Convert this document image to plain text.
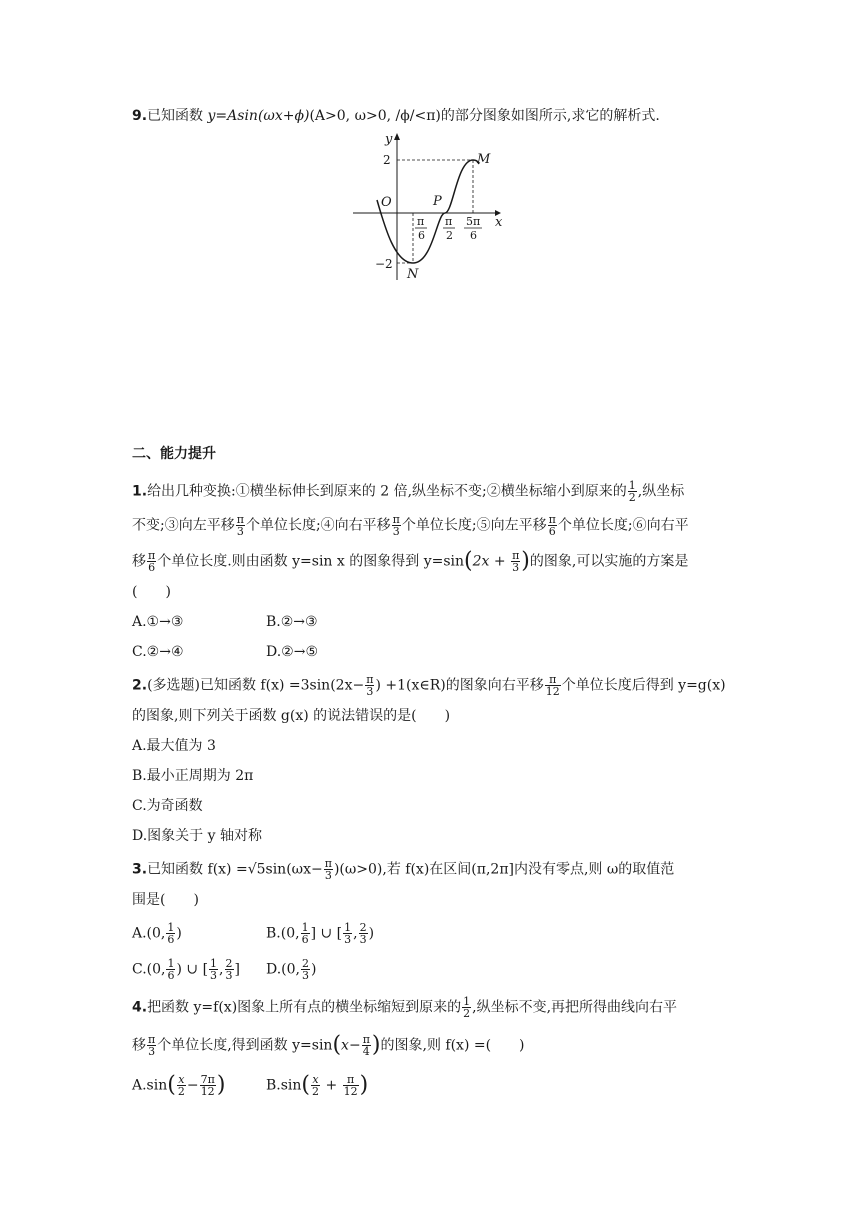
9.已知函数 y=Asin(ωx+ϕ)(A>0, ω>0, /ϕ/<π)的部分图象如图所示,求它的解析式.
y
x
O
2
−2
M
N
P
π
6
π
2
5π
6
二、能力提升
1.给出几种变换:①横坐标伸长到原来的 2 倍,纵坐标不变;②横坐标缩小到原来的 $\frac{1}{2}$ ,纵坐标
不变;③向左平移 $\frac{\pi}{3}$ 个单位长度;④向右平移 $\frac{\pi}{3}$ 个单位长度;⑤向左平移 $\frac{\pi}{6}$ 个单位长度;⑥向右平
移 $\frac{\pi}{6}$ 个单位长度.则由函数 y=sin x 的图象得到 $y=\sin(2x + \frac{\pi}{3}$ )的图象,可以实施的方案是
(　　)
A.①→③	B.②→③
C.②→④	D.②→⑤
2.(多选题)已知函数 $f(x) =3\sin(2x- \frac{\pi}{3}$ ) +1(x∈R)的图象向右平移 $\frac{\pi}{12}$ 个单位长度后得到 y=g(x)
的图象,则下列关于函数 g(x) 的说法错误的是(　　)
A.最大值为 3
B.最小正周期为 2π
C.为奇函数
D.图象关于 y 轴对称
3.已知函数 $f(x) =√5\sin(\omega x- \frac{\pi}{3} )(\omega>0)$,若 f(x)在区间(π,2π]内没有零点,则 ω的取值范
围是(　　)
A.(0, $\frac{1}{6}$ )	B.(0, $\frac{1}{6}$ ] ∪ [ $\frac{1}{3}$ , $\frac{2}{3}$ )
C.(0, $\frac{1}{6}$ ) ∪ [ $\frac{1}{3}$ , $\frac{2}{3}$ ] D.(0, $\frac{2}{3}$ )
4.把函数 y=f(x)图象上所有点的横坐标缩短到原来的 $\frac{1}{2}$ ,纵坐标不变,再把所得曲线向右平
移 $\frac{\pi}{3}$ 个单位长度,得到函数 $y=\sin(x- \frac{\pi}{4}$ )的图象,则 f(x) =(　　)
$A.\sin( \frac{x}{2} - \frac{7\pi}{12}$ )	$B.\sin( \frac{x}{2} + \frac{\pi}{12}$ )
